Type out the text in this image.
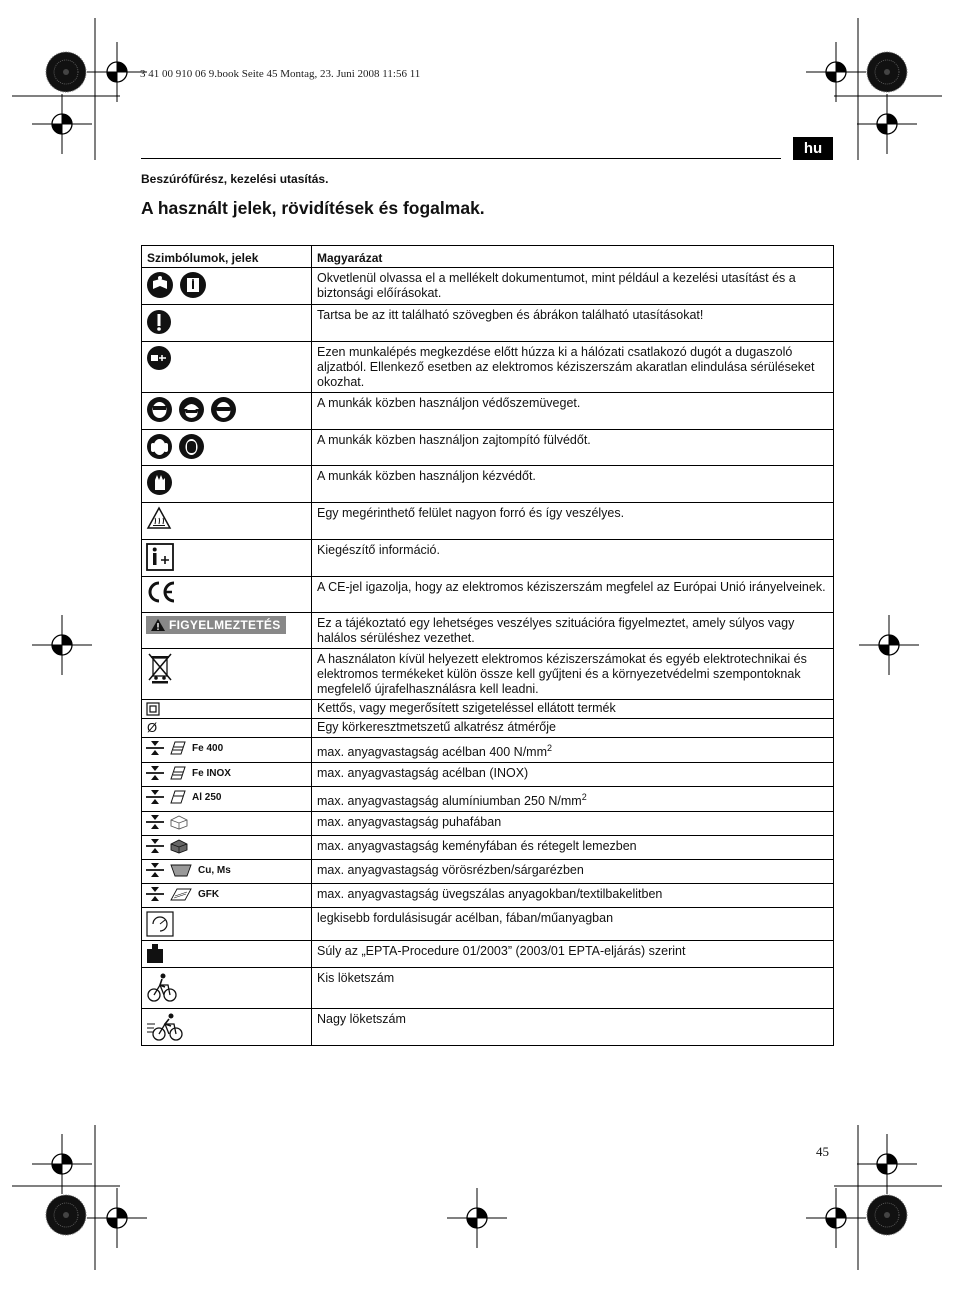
3 41 00 910 06 9.book Seite 45 Montag, 23. Juni 2008 11:56 11
hu
Beszúrófűrész, kezelési utasítás.
A használt jelek, rövidítések és fogalmak.
Szimbólumok, jelek	Magyarázat

	Okvetlenül olvassa el a mellékelt dokumentumot, mint például a kezelési utasítást és a biztonsági előírásokat.

	Tartsa be az itt található szövegben és ábrákon található utasításokat!

	Ezen munkalépés megkezdése előtt húzza ki a hálózati csatlakozó dugót a dugaszoló aljzatból. Ellenkező esetben az elektromos kéziszerszám akaratlan elindulása sérüléseket okozhat.

	A munkák közben használjon védőszemüveget.

	A munkák közben használjon zajtompító fülvédőt.

	A munkák közben használjon kézvédőt.

	Egy megérinthető felület nagyon forró és így veszélyes.

	Kiegészítő információ.

	A CE-jel igazolja, hogy az elektromos kéziszerszám megfelel az Európai Unió irányelveinek.

FIGYELMEZTETÉS	Ez a tájékoztató egy lehetséges veszélyes szituációra figyelmeztet, amely súlyos vagy halálos sérüléshez vezethet.

	A használaton kívül helyezett elektromos kéziszerszámokat és egyéb elektrotechnikai és elektromos termékeket külön össze kell gyűjteni és a környezetvédelmi szempontoknak megfelelő újrafelhasználásra kell leadni.

	Kettős, vagy megerősített szigeteléssel ellátott termék
Ø	Egy körkeresztmetszetű alkatrész átmérője

Fe 400	max. anyagvastagság acélban 400 $N/mm^2$

Fe INOX	max. anyagvastagság acélban (INOX)

Al 250	max. anyagvastagság alumíniumban 250 $N/mm^2$

	max. anyagvastagság puhafában

	max. anyagvastagság keményfában és rétegelt lemezben

Cu, Ms	max. anyagvastagság vörösrézben/sárgarézben

GFK	max. anyagvastagság üvegszálas anyagokban/textilbakelitben

	legkisebb fordulásisugár acélban, fában/műanyagban

	Súly az „EPTA-Procedure 01/2003” (2003/01 EPTA-eljárás) szerint

	Kis löketszám

	Nagy löketszám
45
